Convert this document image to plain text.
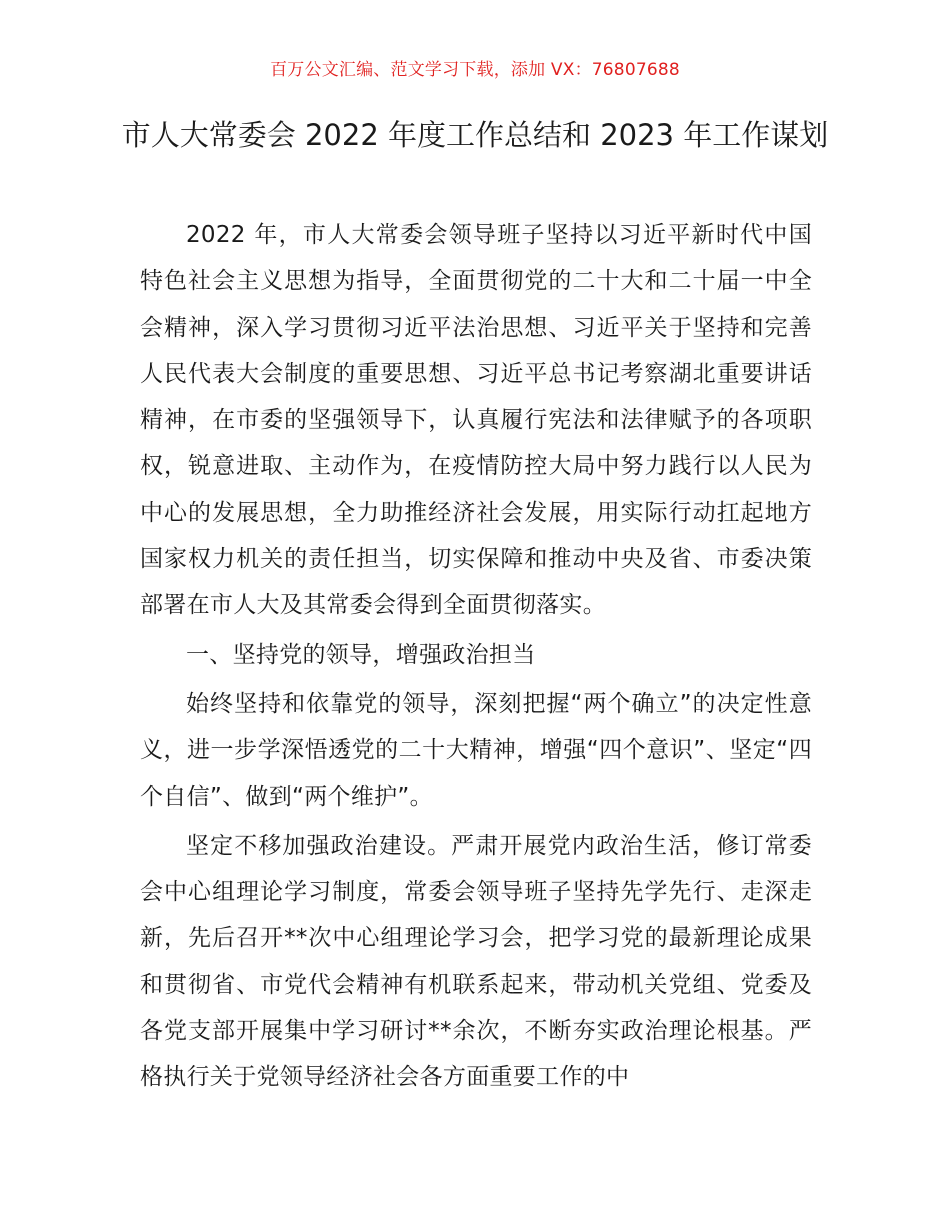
百万公文汇编、范文学习下载，添加 VX：76807688
市人大常委会 2022 年度工作总结和 2023 年工作谋划

2022 年，市人大常委会领导班子坚持以习近平新时代中国特色社会主义思想为指导，全面贯彻党的二十大和二十届一中全会精神，深入学习贯彻习近平法治思想、习近平关于坚持和完善人民代表大会制度的重要思想、习近平总书记考察湖北重要讲话精神，在市委的坚强领导下，认真履行宪法和法律赋予的各项职权，锐意进取、主动作为，在疫情防控大局中努力践行以人民为中心的发展思想，全力助推经济社会发展，用实际行动扛起地方国家权力机关的责任担当，切实保障和推动中央及省、市委决策部署在市人大及其常委会得到全面贯彻落实。

一、坚持党的领导，增强政治担当

始终坚持和依靠党的领导，深刻把握“两个确立”的决定性意义，进一步学深悟透党的二十大精神，增强“四个意识”、坚定“四个自信”、做到“两个维护”。

坚定不移加强政治建设。严肃开展党内政治生活，修订常委会中心组理论学习制度，常委会领导班子坚持先学先行、走深走新，先后召开**次中心组理论学习会，把学习党的最新理论成果和贯彻省、市党代会精神有机联系起来，带动机关党组、党委及各党支部开展集中学习研讨**余次，不断夯实政治理论根基。严格执行关于党领导经济社会各方面重要工作的中
